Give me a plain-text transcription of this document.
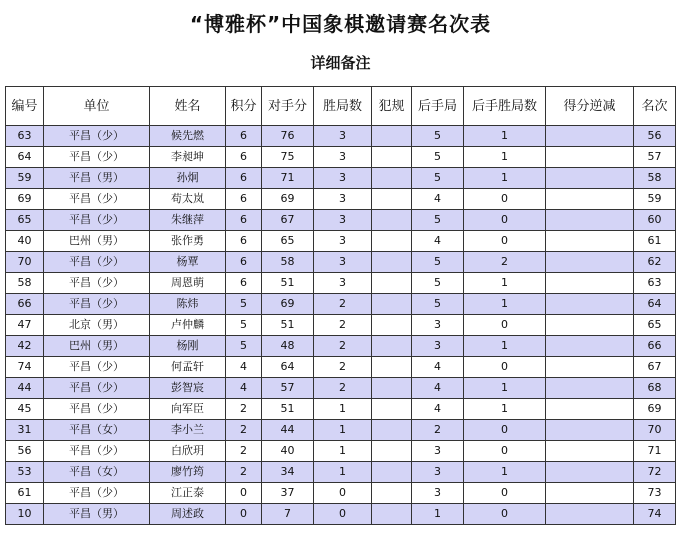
“博雅杯”中国象棋邀请赛名次表
详细备注
编号	单位	姓名	积分	对手分	胜局数	犯规	后手局	后手胜局数	得分逆减	名次
63	平昌（少）	候先燃	6	76	3		5	1		56
64	平昌（少）	李昶坤	6	75	3		5	1		57
59	平昌（男）	孙炯	6	71	3		5	1		58
69	平昌（少）	苟太岚	6	69	3		4	0		59
65	平昌（少）	朱继萍	6	67	3		5	0		60
40	巴州（男）	张作勇	6	65	3		4	0		61
70	平昌（少）	杨覃	6	58	3		5	2		62
58	平昌（少）	周恩萌	6	51	3		5	1		63
66	平昌（少）	陈炜	5	69	2		5	1		64
47	北京（男）	卢仲麟	5	51	2		3	0		65
42	巴州（男）	杨刚	5	48	2		3	1		66
74	平昌（少）	何孟轩	4	64	2		4	0		67
44	平昌（少）	彭智宸	4	57	2		4	1		68
45	平昌（少）	向军臣	2	51	1		4	1		69
31	平昌（女）	李小兰	2	44	1		2	0		70
56	平昌（少）	白欣玥	2	40	1		3	0		71
53	平昌（女）	廖竹筠	2	34	1		3	1		72
61	平昌（少）	江正泰	0	37	0		3	0		73
10	平昌（男）	周述政	0	7	0		1	0		74
